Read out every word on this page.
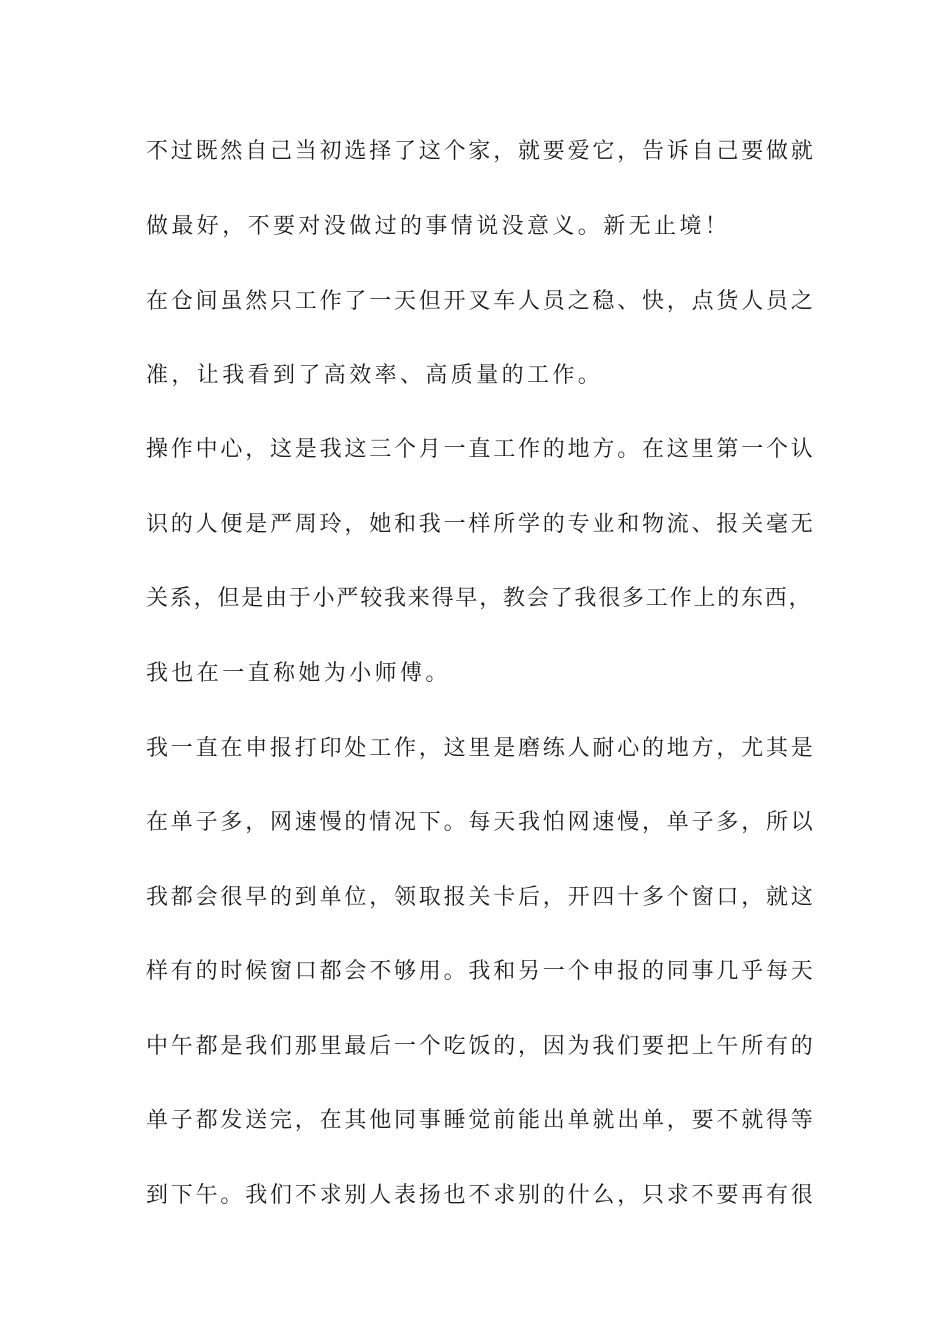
不过既然自己当初选择了这个家，就要爱它，告诉自己要做就
做最好，不要对没做过的事情说没意义。新无止境！
在仓间虽然只工作了一天但开叉车人员之稳、快，点货人员之
准，让我看到了高效率、高质量的工作。
操作中心，这是我这三个月一直工作的地方。在这里第一个认
识的人便是严周玲，她和我一样所学的专业和物流、报关毫无
关系，但是由于小严较我来得早，教会了我很多工作上的东西，
我也在一直称她为小师傅。
我一直在申报打印处工作，这里是磨练人耐心的地方，尤其是
在单子多，网速慢的情况下。每天我怕网速慢，单子多，所以
我都会很早的到单位，领取报关卡后，开四十多个窗口，就这
样有的时候窗口都会不够用。我和另一个申报的同事几乎每天
中午都是我们那里最后一个吃饭的，因为我们要把上午所有的
单子都发送完，在其他同事睡觉前能出单就出单，要不就得等
到下午。我们不求别人表扬也不求别的什么，只求不要再有很
